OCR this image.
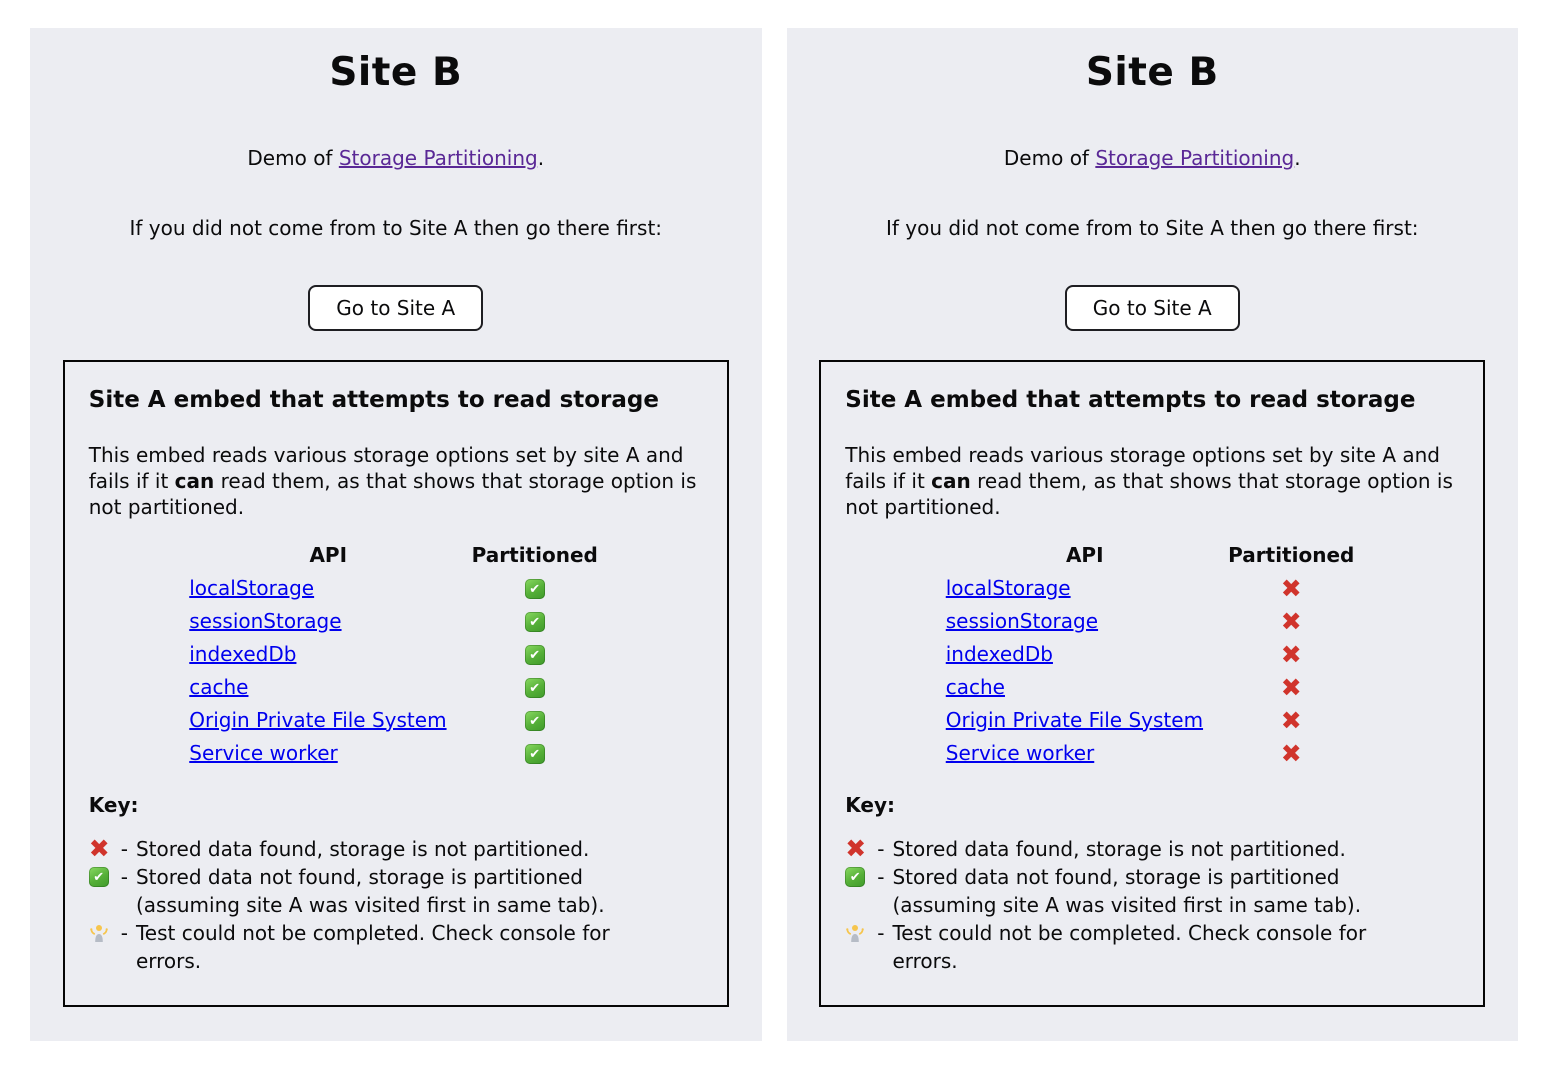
Site B

Demo of Storage Partitioning.

If you did not come from to Site A then go there first:

Go to Site A
Site A embed that attempts to read storage

This embed reads various storage options set by site A and fails if it can read them, as that shows that storage option is not partitioned.

API	Partitioned
localStorage	✔
sessionStorage	✔
indexedDb	✔
cache	✔
Origin Private File System	✔
Service worker	✔

Key:

✖ - Stored data found, storage is not partitioned.
✔ - Stored data not found, storage is partitioned
(assuming site A was visited first in same tab).
- Test could not be completed. Check console for
errors.
Site B

Demo of Storage Partitioning.

If you did not come from to Site A then go there first:

Go to Site A
Site A embed that attempts to read storage

This embed reads various storage options set by site A and fails if it can read them, as that shows that storage option is not partitioned.

API	Partitioned
localStorage	✖
sessionStorage	✖
indexedDb	✖
cache	✖
Origin Private File System	✖
Service worker	✖

Key:

✖ - Stored data found, storage is not partitioned.
✔ - Stored data not found, storage is partitioned
(assuming site A was visited first in same tab).
- Test could not be completed. Check console for
errors.
